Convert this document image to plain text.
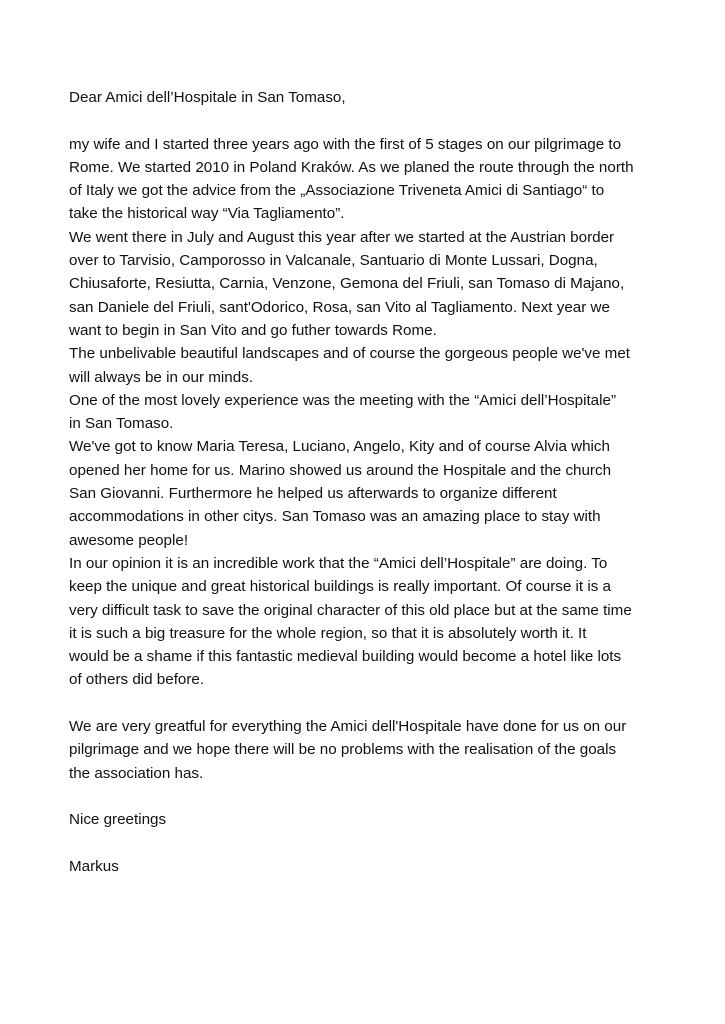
Dear Amici dell’Hospitale in San Tomaso,
my wife and I started three years ago with the first of 5 stages on our pilgrimage to
Rome. We started 2010 in Poland Kraków. As we planed the route through the north
of Italy we got the advice from the „Associazione Triveneta Amici di Santiago“ to
take the historical way “Via Tagliamento”.
We went there in July and August this year after we started at the Austrian border
over to Tarvisio, Camporosso in Valcanale, Santuario di Monte Lussari, Dogna,
Chiusaforte, Resiutta, Carnia, Venzone, Gemona del Friuli, san Tomaso di Majano,
san Daniele del Friuli, sant'Odorico, Rosa, san Vito al Tagliamento. Next year we
want to begin in San Vito and go futher towards Rome.
The unbelivable beautiful landscapes and of course the gorgeous people we've met
will always be in our minds.
One of the most lovely experience was the meeting with the “Amici dell’Hospitale”
in San Tomaso.
We've got to know Maria Teresa, Luciano, Angelo, Kity and of course Alvia which
opened her home for us. Marino showed us around the Hospitale and the church
San Giovanni. Furthermore he helped us afterwards to organize different
accommodations in other citys. San Tomaso was an amazing place to stay with
awesome people!
In our opinion it is an incredible work that the “Amici dell’Hospitale” are doing. To
keep the unique and great historical buildings is really important. Of course it is a
very difficult task to save the original character of this old place but at the same time
it is such a big treasure for the whole region, so that it is absolutely worth it. It
would be a shame if this fantastic medieval building would become a hotel like lots
of others did before.
We are very greatful for everything the Amici dell'Hospitale have done for us on our
pilgrimage and we hope there will be no problems with the realisation of the goals
the association has.
Nice greetings
Markus
